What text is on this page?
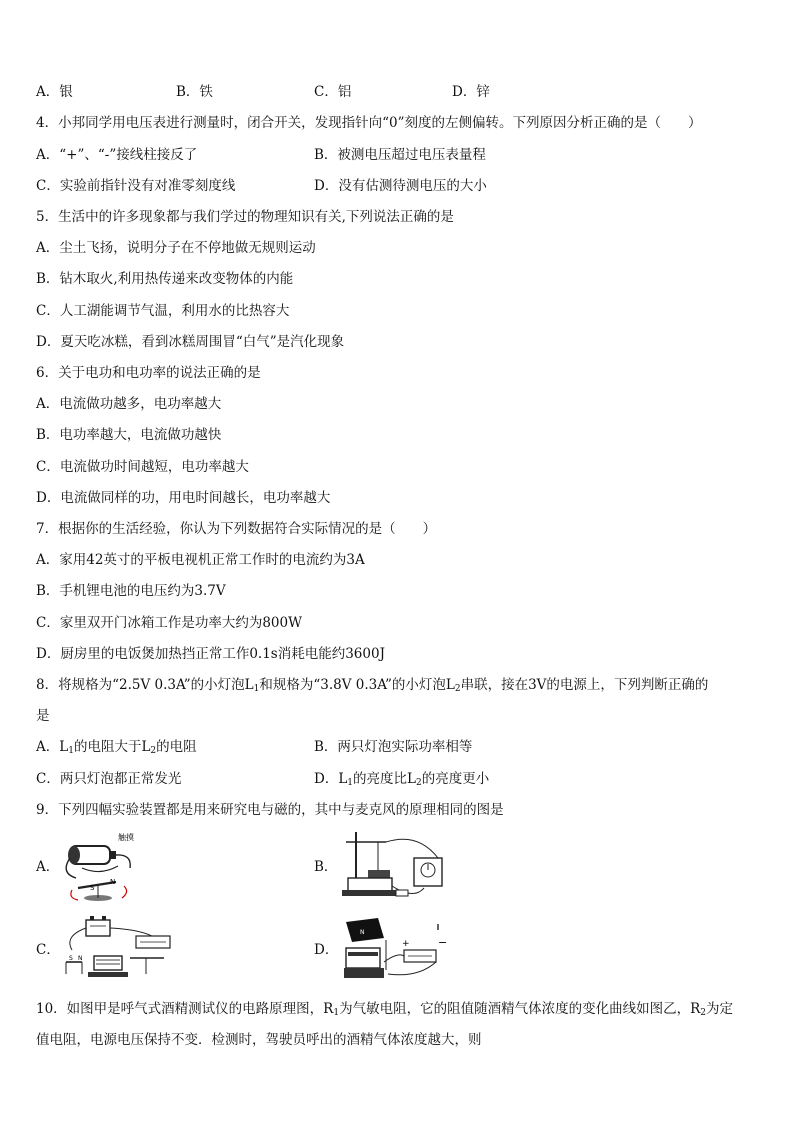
A．银	B．铁	C．铝	D．锌
4．小邦同学用电压表进行测量时，闭合开关，发现指针向“0”刻度的左侧偏转。下列原因分析正确的是（　　）
A．“+”、“-”接线柱接反了	B．被测电压超过电压表量程
C．实验前指针没有对准零刻度线	D．没有估测待测电压的大小
5．生活中的许多现象都与我们学过的物理知识有关,下列说法正确的是
A．尘土飞扬，说明分子在不停地做无规则运动
B．钻木取火,利用热传递来改变物体的内能
C．人工湖能调节气温，利用水的比热容大
D．夏天吃冰糕，看到冰糕周围冒“白气”是汽化现象
6．关于电功和电功率的说法正确的是
A．电流做功越多，电功率越大
B．电功率越大，电流做功越快
C．电流做功时间越短，电功率越大
D．电流做同样的功，用电时间越长，电功率越大
7．根据你的生活经验，你认为下列数据符合实际情况的是（　　）
A．家用42英寸的平板电视机正常工作时的电流约为3A
B．手机锂电池的电压约为3.7V
C．家里双开门冰箱工作是功率大约为800W
D．厨房里的电饭煲加热挡正常工作0.1s消耗电能约3600J
8．将规格为“2.5V 0.3A”的小灯泡$L_1$和规格为“3.8V 0.3A”的小灯泡$L_2$串联，接在3V的电源上，下列判断正确的
是
A．$L_1$的电阻大于$L_2$的电阻	B．两只灯泡实际功率相等
C．两只灯泡都正常发光	D．$L_1$的亮度比$L_2$的亮度更小
9．下列四幅实验装置都是用来研究电与磁的，其中与麦克风的原理相同的图是
A．
触摸
S
N
B．
C．
S N
D．
N
+	−
10．如图甲是呼气式酒精测试仪的电路原理图，$R_1$为气敏电阻，它的阻值随酒精气体浓度的变化曲线如图乙，$R_2$为定
值电阻，电源电压保持不变．检测时，驾驶员呼出的酒精气体浓度越大，则
